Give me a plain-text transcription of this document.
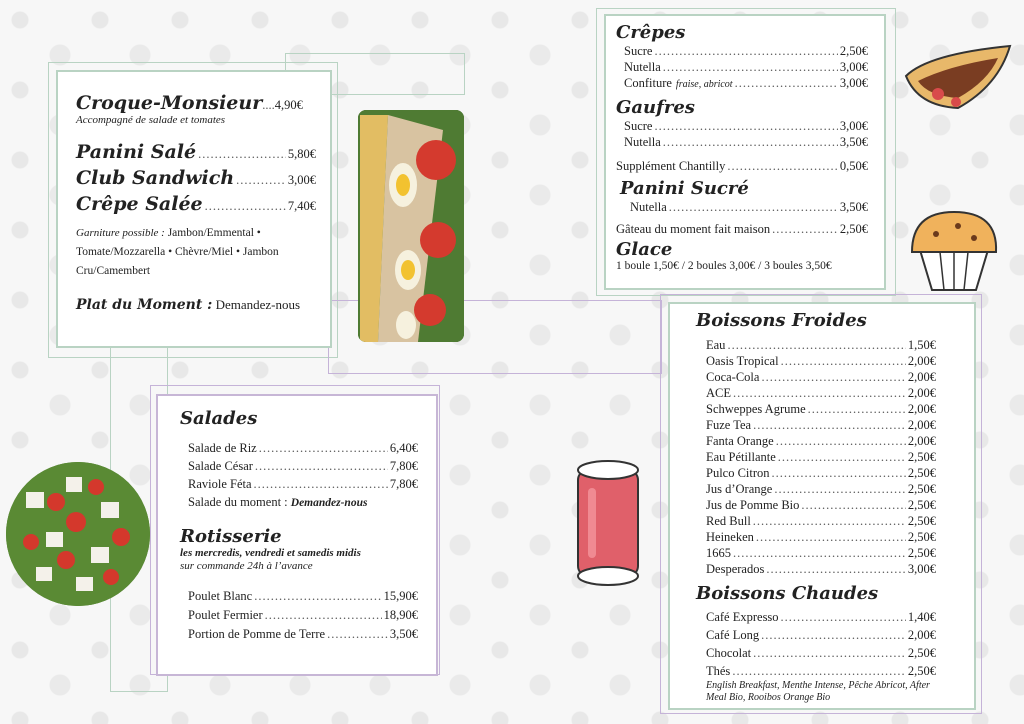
Croque-Monsieur .... 4,90€
Accompagné de salade et tomates
Panini Salé .....	5,80€
Club Sandwich .....	3,00€
Crêpe Salée .....	7,40€
Garniture possible : Jambon/Emmental • Tomate/Mozzarella • Chèvre/Miel • Jambon Cru/Camembert
Plat du Moment : Demandez-nous
Salades
Salade de Riz .....	6,40€
Salade César .....	7,80€
Raviole Féta .....	7,80€
Salade du moment : Demandez-nous
Rotisserie
les mercredis, vendredi et samedis midis
sur commande 24h à l’avance
Poulet Blanc .....	15,90€
Poulet Fermier .....	18,90€
Portion de Pomme de Terre .....	3,50€
Crêpes
Sucre .....	2,50€
Nutella .....	3,00€
Confiture fraise, abricot .....	3,00€
Gaufres
Sucre .....	3,00€
Nutella .....	3,50€
Supplément Chantilly .....	0,50€
Panini Sucré
Nutella .....	3,50€
Gâteau du moment fait maison .....	2,50€
Glace
1 boule 1,50€ / 2 boules 3,00€ / 3 boules 3,50€
Boissons Froides
Eau .....	1,50€
Oasis Tropical .....	2,00€
Coca-Cola .....	2,00€
ACE .....	2,00€
Schweppes Agrume .....	2,00€
Fuze Tea .....	2,00€
Fanta Orange .....	2,00€
Eau Pétillante .....	2,50€
Pulco Citron .....	2,50€
Jus d’Orange .....	2,50€
Jus de Pomme Bio .....	2,50€
Red Bull .....	2,50€
Heineken .....	2,50€
1665 .....	2,50€
Desperados .....	3,00€
Boissons Chaudes
Café Expresso .....	1,40€
Café Long .....	2,00€
Chocolat .....	2,50€
Thés .....	2,50€
English Breakfast, Menthe Intense, Pêche Abricot, After Meal Bio, Rooibos Orange Bio
